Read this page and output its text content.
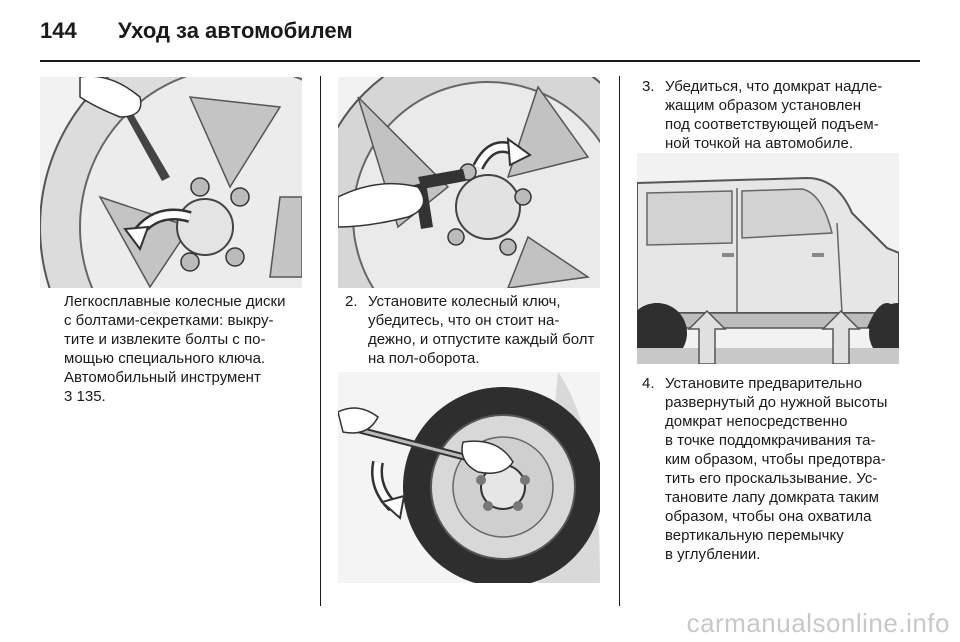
144 Уход за автомобилем
Легкосплавные колесные диски
с болтами-секретками: выкру-
тите и извлеките болты с по-
мощью специального ключа.
Автомобильный инструмент
3 135.
2. Установите колесный ключ,
убедитесь, что он стоит на-
дежно, и отпустите каждый болт
на пол-оборота.
3. Убедиться, что домкрат надле-
жащим образом установлен
под соответствующей подъем-
ной точкой на автомобиле.
4. Установите предварительно
развернутый до нужной высоты
домкрат непосредственно
в точке поддомкрачивания та-
ким образом, чтобы предотвра-
тить его проскальзывание. Ус-
тановите лапу домкрата таким
образом, чтобы она охватила
вертикальную перемычку
в углублении.
carmanualsonline.info
